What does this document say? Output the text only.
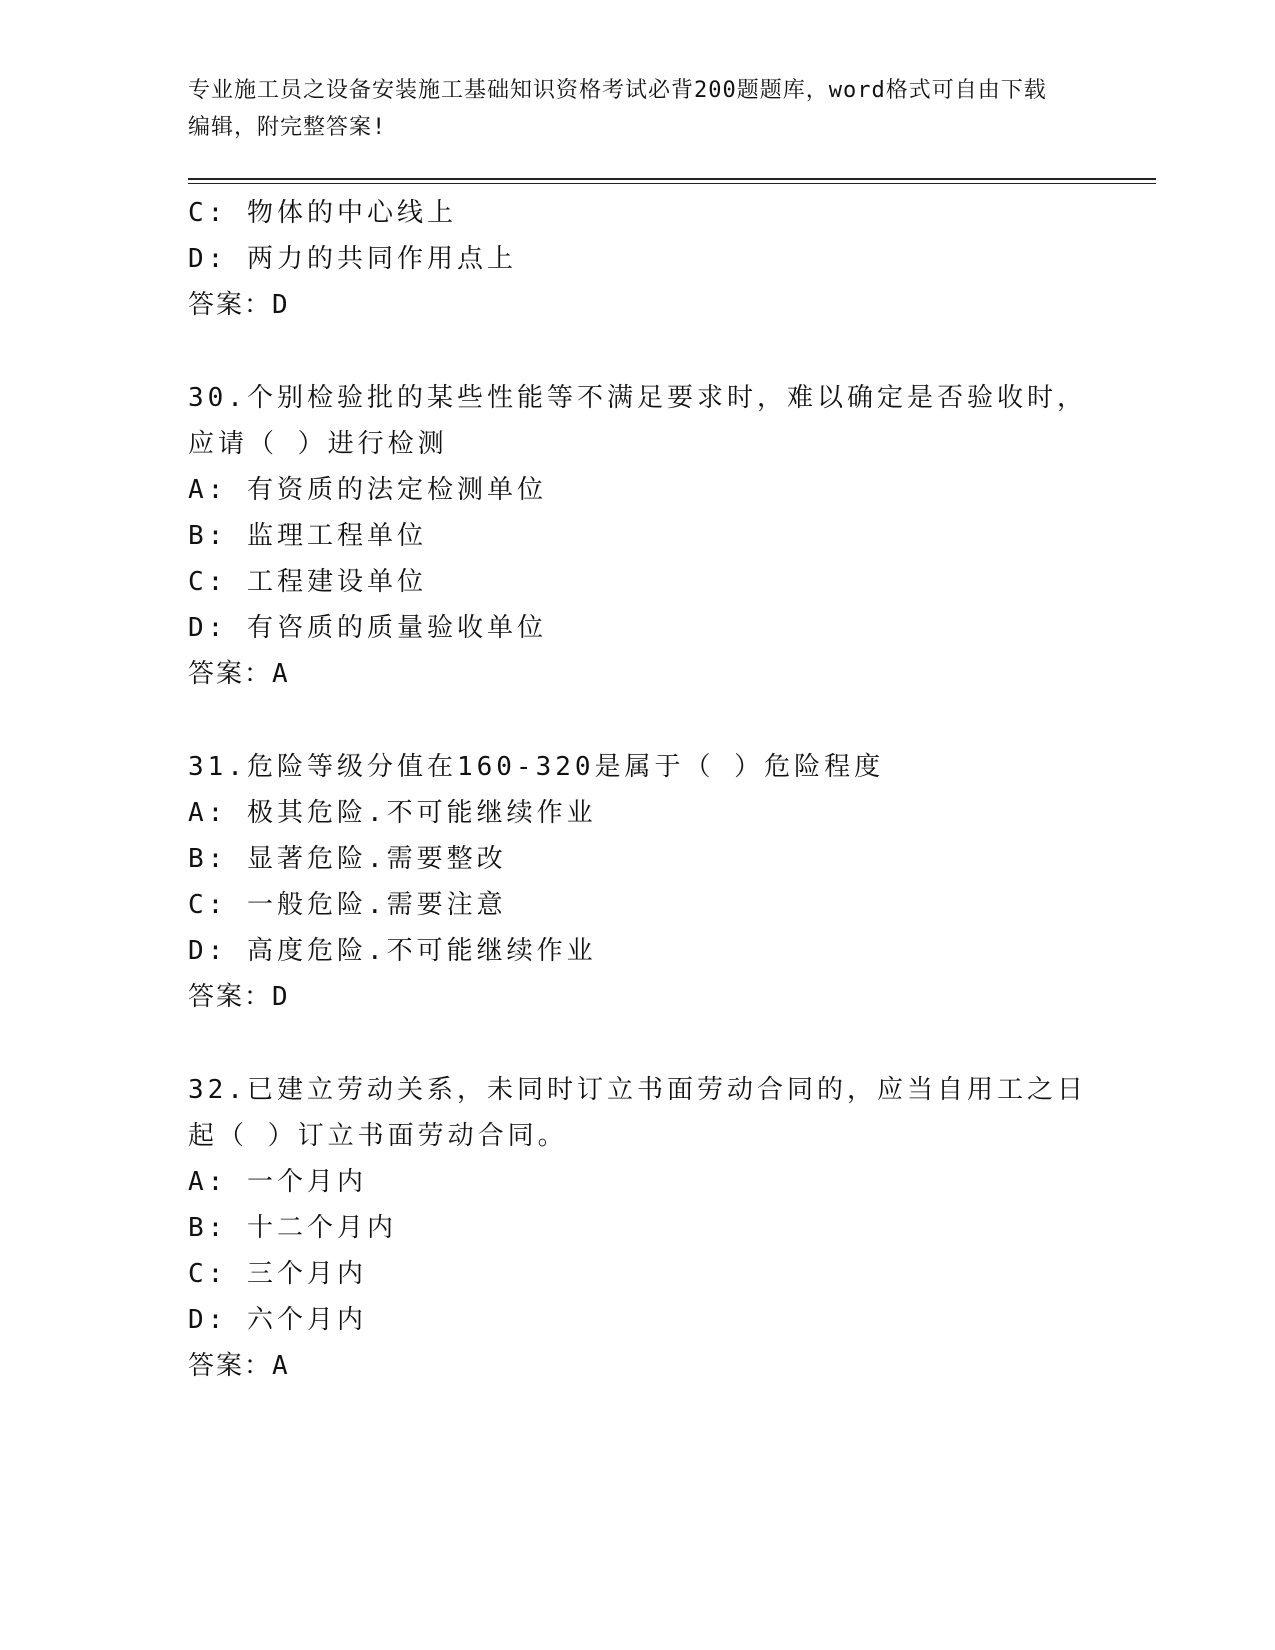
专业施工员之设备安装施工基础知识资格考试必背200题题库，word格式可自由下载编辑，附完整答案!
C: 物体的中心线上
D: 两力的共同作用点上
答案：D
30.个别检验批的某些性能等不满足要求时，难以确定是否验收时，应请（ ）进行检测
A: 有资质的法定检测单位
B: 监理工程单位
C: 工程建设单位
D: 有咨质的质量验收单位
答案：A
31.危险等级分值在160-320是属于（ ）危险程度
A: 极其危险.不可能继续作业
B: 显著危险.需要整改
C: 一般危险.需要注意
D: 高度危险.不可能继续作业
答案：D
32.已建立劳动关系，未同时订立书面劳动合同的，应当自用工之日起（ ）订立书面劳动合同。
A: 一个月内
B: 十二个月内
C: 三个月内
D: 六个月内
答案：A
